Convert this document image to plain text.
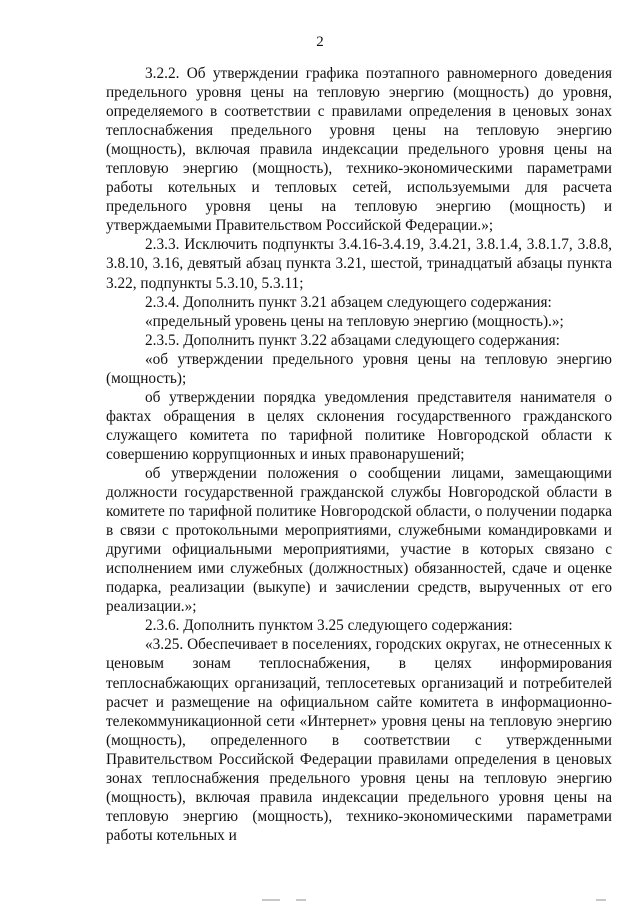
2

3.2.2. Об утверждении графика поэтапного равномерного доведения предельного уровня цены на тепловую энергию (мощность) до уровня, определяемого в соответствии с правилами определения в ценовых зонах теплоснабжения предельного уровня цены на тепловую энергию (мощность), включая правила индексации предельного уровня цены на тепловую энергию (мощность), технико-экономическими параметрами работы котельных и тепловых сетей, используемыми для расчета предельного уровня цены на тепловую энергию (мощность) и утверждаемыми Правительством Российской Федерации.»;

2.3.3. Исключить подпункты 3.4.16-3.4.19, 3.4.21, 3.8.1.4, 3.8.1.7, 3.8.8, 3.8.10, 3.16, девятый абзац пункта 3.21, шестой, тринадцатый абзацы пункта 3.22, подпункты 5.3.10, 5.3.11;

2.3.4. Дополнить пункт 3.21 абзацем следующего содержания:

«предельный уровень цены на тепловую энергию (мощность).»;

2.3.5. Дополнить пункт 3.22 абзацами следующего содержания:

«об утверждении предельного уровня цены на тепловую энергию (мощность);

об утверждении порядка уведомления представителя нанимателя о фактах обращения в целях склонения государственного гражданского служащего комитета по тарифной политике Новгородской области к совершению коррупционных и иных правонарушений;

об утверждении положения о сообщении лицами, замещающими должности государственной гражданской службы Новгородской области в комитете по тарифной политике Новгородской области, о получении подарка в связи с протокольными мероприятиями, служебными командировками и другими официальными мероприятиями, участие в которых связано с исполнением ими служебных (должностных) обязанностей, сдаче и оценке подарка, реализации (выкупе) и зачислении средств, вырученных от его реализации.»;

2.3.6. Дополнить пунктом 3.25 следующего содержания:

«3.25. Обеспечивает в поселениях, городских округах, не отнесенных к ценовым зонам теплоснабжения, в целях информирования теплоснабжающих организаций, теплосетевых организаций и потребителей расчет и размещение на официальном сайте комитета в информационно-телекоммуникационной сети «Интернет» уровня цены на тепловую энергию (мощность), определенного в соответствии с утвержденными Правительством Российской Федерации правилами определения в ценовых зонах теплоснабжения предельного уровня цены на тепловую энергию (мощность), включая правила индексации предельного уровня цены на тепловую энергию (мощность), технико-экономическими параметрами работы котельных и
